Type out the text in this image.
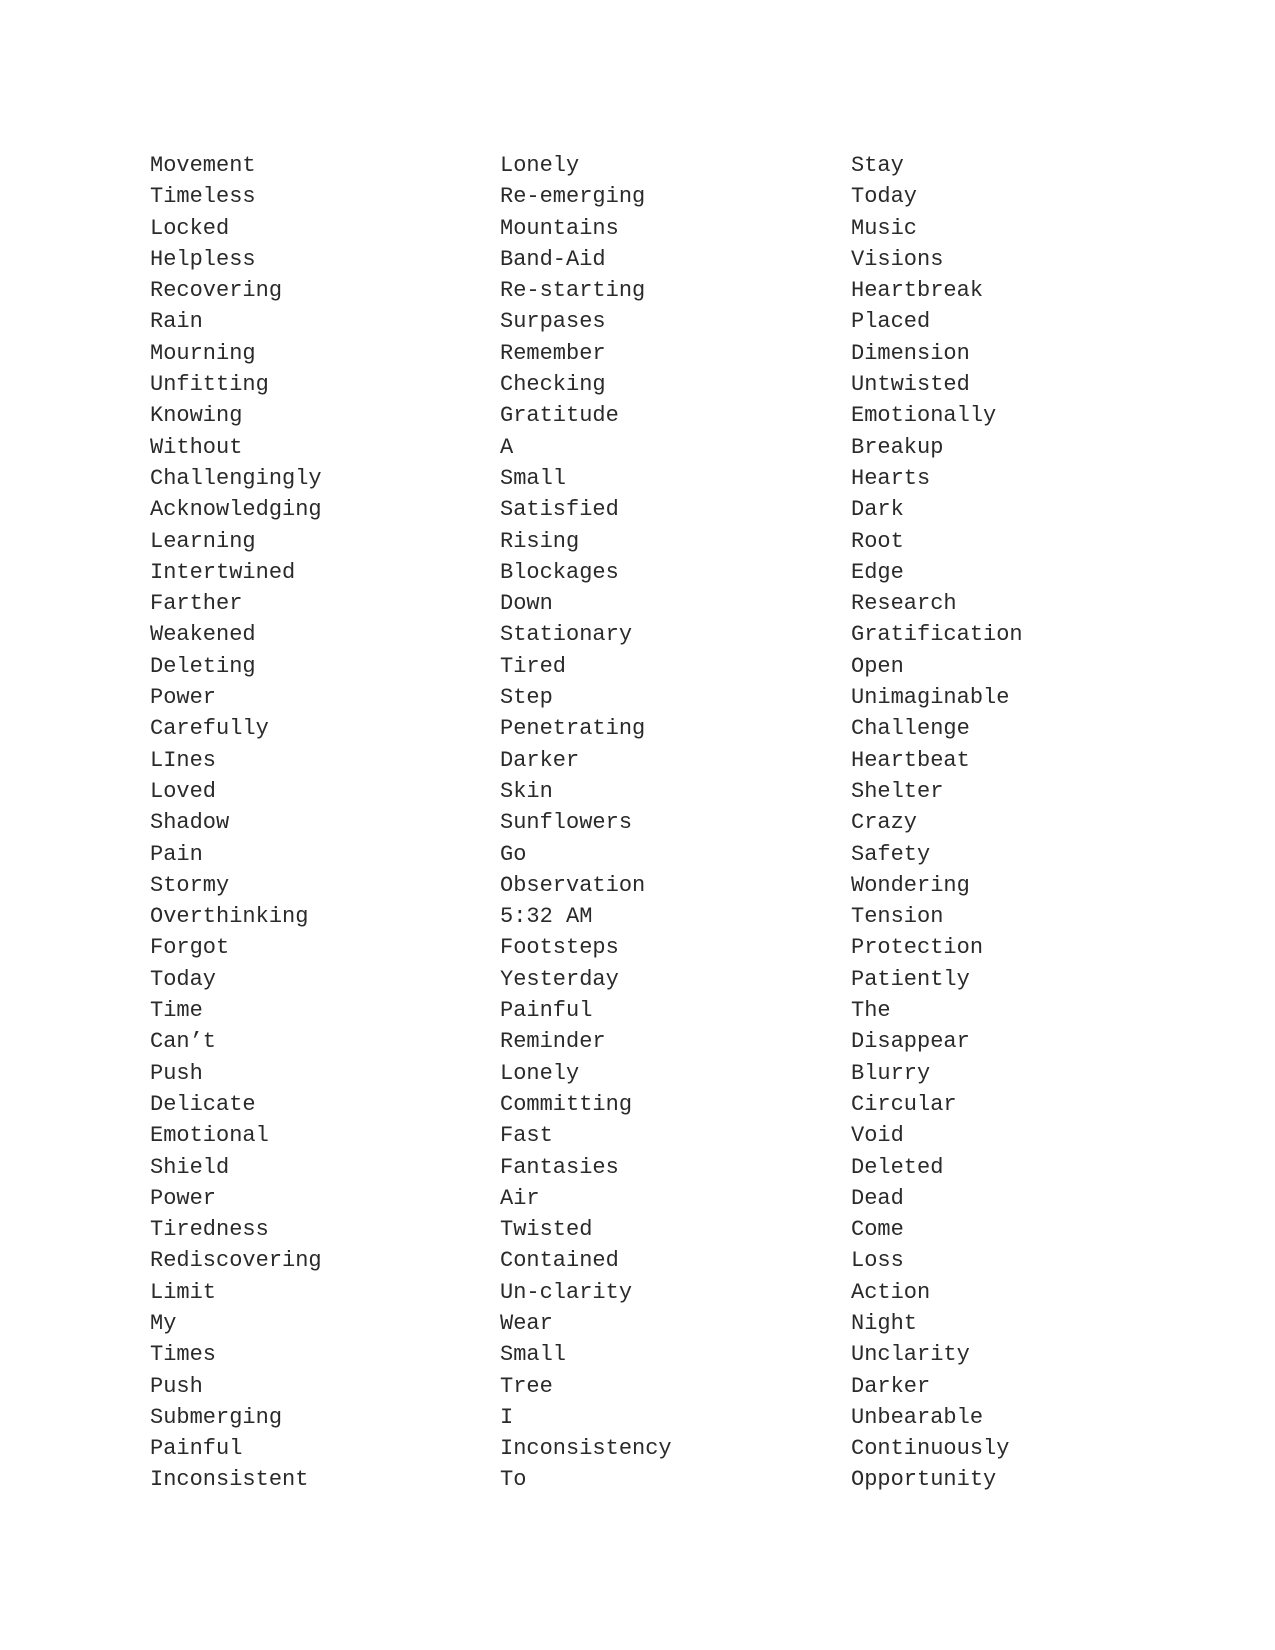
Movement
Timeless
Locked
Helpless
Recovering
Rain
Mourning
Unfitting
Knowing
Without
Challengingly
Acknowledging
Learning
Intertwined
Farther
Weakened
Deleting
Power
Carefully
LInes
Loved
Shadow
Pain
Stormy
Overthinking
Forgot
Today
Time
Can’t
Push
Delicate
Emotional
Shield
Power
Tiredness
Rediscovering
Limit
My
Times
Push
Submerging
Painful
Inconsistent
Lonely
Re-emerging
Mountains
Band-Aid
Re-starting
Surpases
Remember
Checking
Gratitude
A
Small
Satisfied
Rising
Blockages
Down
Stationary
Tired
Step
Penetrating
Darker
Skin
Sunflowers
Go
Observation
5:32 AM
Footsteps
Yesterday
Painful
Reminder
Lonely
Committing
Fast
Fantasies
Air
Twisted
Contained
Un-clarity
Wear
Small
Tree
I
Inconsistency
To
Stay
Today
Music
Visions
Heartbreak
Placed
Dimension
Untwisted
Emotionally
Breakup
Hearts
Dark
Root
Edge
Research
Gratification
Open
Unimaginable
Challenge
Heartbeat
Shelter
Crazy
Safety
Wondering
Tension
Protection
Patiently
The
Disappear
Blurry
Circular
Void
Deleted
Dead
Come
Loss
Action
Night
Unclarity
Darker
Unbearable
Continuously
Opportunity
